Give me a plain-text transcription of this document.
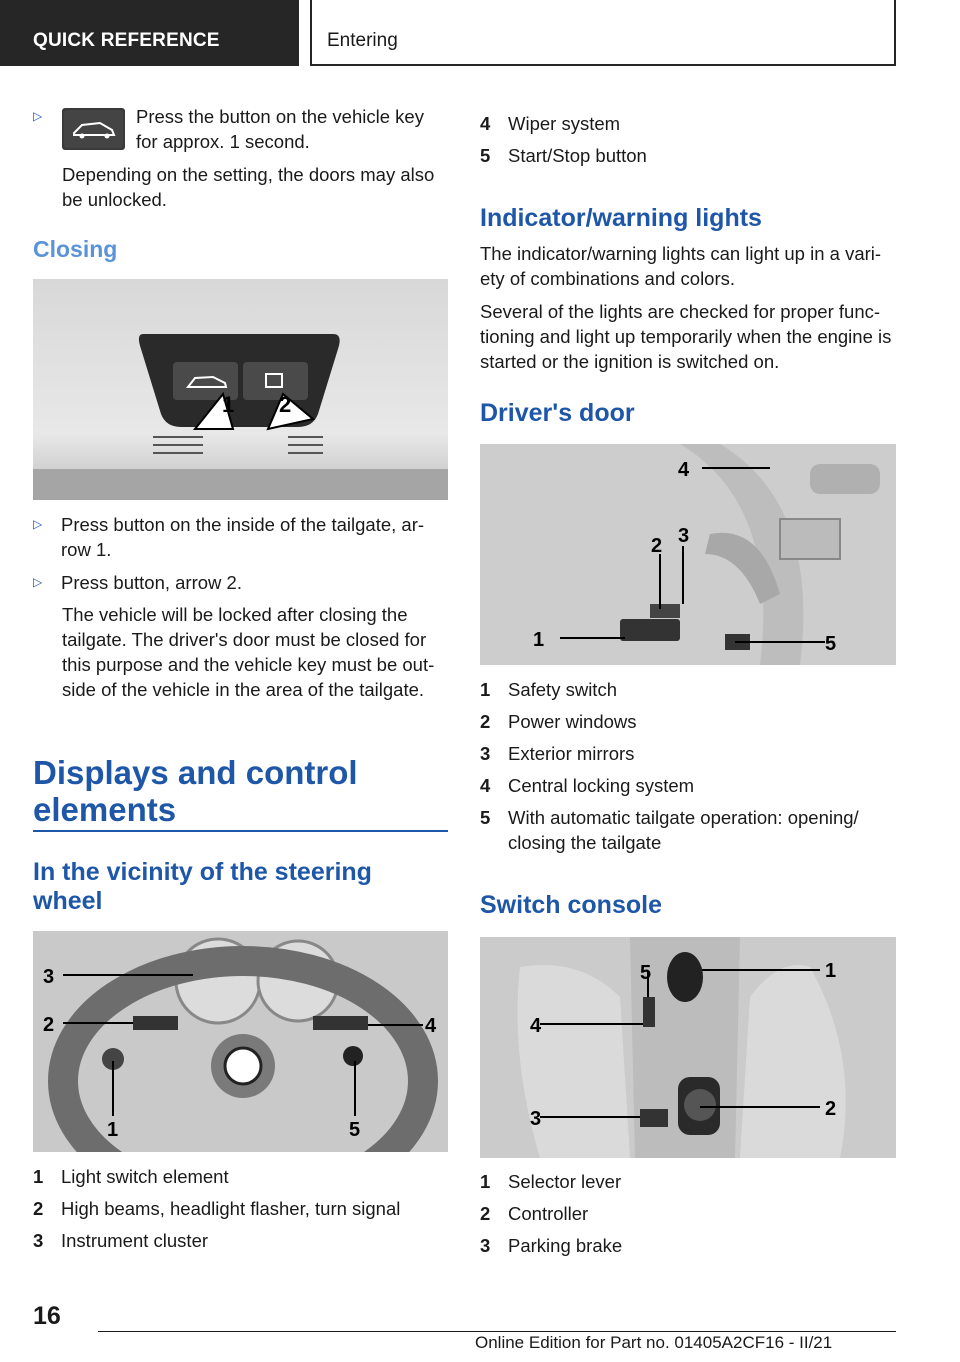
QUICK REFERENCE	Entering
▷	Press the button on the vehicle key for approx. 1 second.

Depending on the setting, the doors may also be unlocked.

Closing
1 2
▷	Press button on the inside of the tailgate, ar‐row 1.

▷	Press button, arrow 2.

The vehicle will be locked after closing the tailgate. The driver's door must be closed for this purpose and the vehicle key must be out‐side of the vehicle in the area of the tailgate.

Displays and control elements
In the vicinity of the steering wheel
1
2
3
4
5
1 Light switch element
2 High beams, headlight flasher, turn signal
3 Instrument cluster
4 Wiper system
5 Start/Stop button
Indicator/warning lights

The indicator/warning lights can light up in a vari‐ety of combinations and colors.

Several of the lights are checked for proper func‐tioning and light up temporarily when the engine is started or the ignition is switched on.

Driver's door
1
2 3
4
5
1 Safety switch
2 Power windows
3 Exterior mirrors
4 Central locking system
5 With automatic tailgate operation: opening/
closing the tailgate
Switch console
1
2
3
4
5
1 Selector lever
2 Controller
3 Parking brake
16
Online Edition for Part no. 01405A2CF16 - II/21
